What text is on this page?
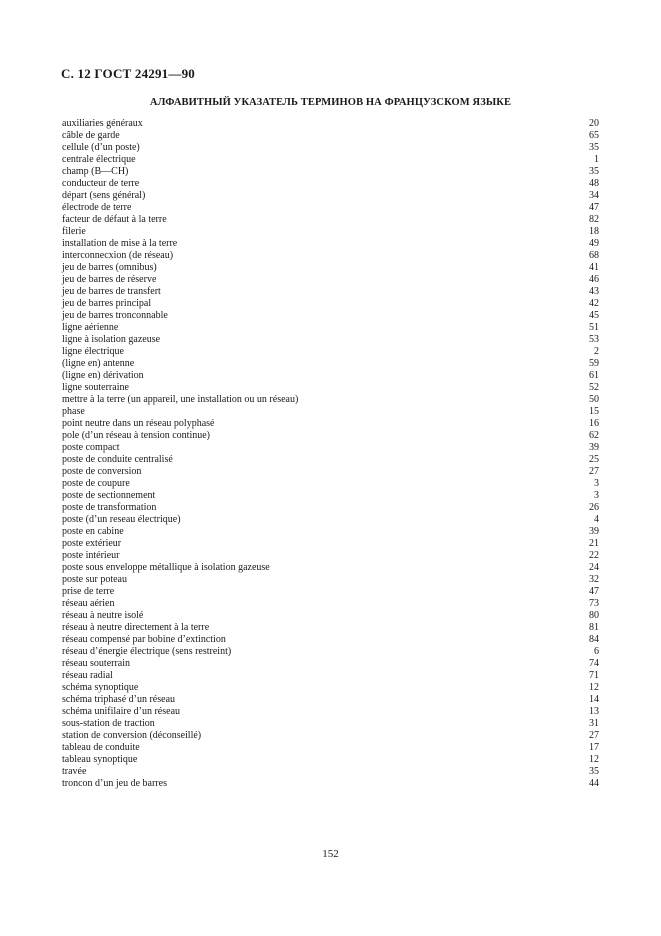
С. 12 ГОСТ 24291—90
АЛФАВИТНЫЙ УКАЗАТЕЛЬ ТЕРМИНОВ НА ФРАНЦУЗСКОМ ЯЗЫКЕ
auxiliaries généraux	20
câble de garde	65
cellule (d’un poste)	35
centrale électrique	1
champ (В—CH)	35
conducteur de terre	48
départ (sens général)	34
électrode de terre	47
facteur de défaut à la terre	82
filerie	18
installation de mise à la terre	49
interconnecxion (de réseau)	68
jeu de barres (omnibus)	41
jeu de barres de réserve	46
jeu de barres de transfert	43
jeu de barres principal	42
jeu de barres tronconnable	45
ligne aérienne	51
ligne à isolation gazeuse	53
ligne électrique	2
(ligne en) antenne	59
(ligne en) dérivation	61
ligne souterraine	52
mettre à la terre (un appareil, une installation ou un réseau)	50
phase	15
point neutre dans un réseau polyphasé	16
pole (d’un réseau à tension continue)	62
poste compact	39
poste de conduite centralisé	25
poste de conversion	27
poste de coupure	3
poste de sectionnement	3
poste de transformation	26
poste (d’un reseau électrique)	4
poste en cabine	39
poste extérieur	21
poste intérieur	22
poste sous enveloppe métallique à isolation gazeuse	24
poste sur poteau	32
prise de terre	47
réseau aérien	73
réseau à neutre isolé	80
réseau à neutre directement à la terre	81
réseau compensé par bobine d’extinction	84
réseau d’énergie électrique (sens restreint)	6
réseau souterrain	74
réseau radial	71
schéma synoptique	12
schéma triphasé d’un réseau	14
schéma unifilaire d’un réseau	13
sous-station de traction	31
station de conversion (déconseillé)	27
tableau de conduite	17
tableau synoptique	12
travée	35
troncon d’un jeu de barres	44
152
